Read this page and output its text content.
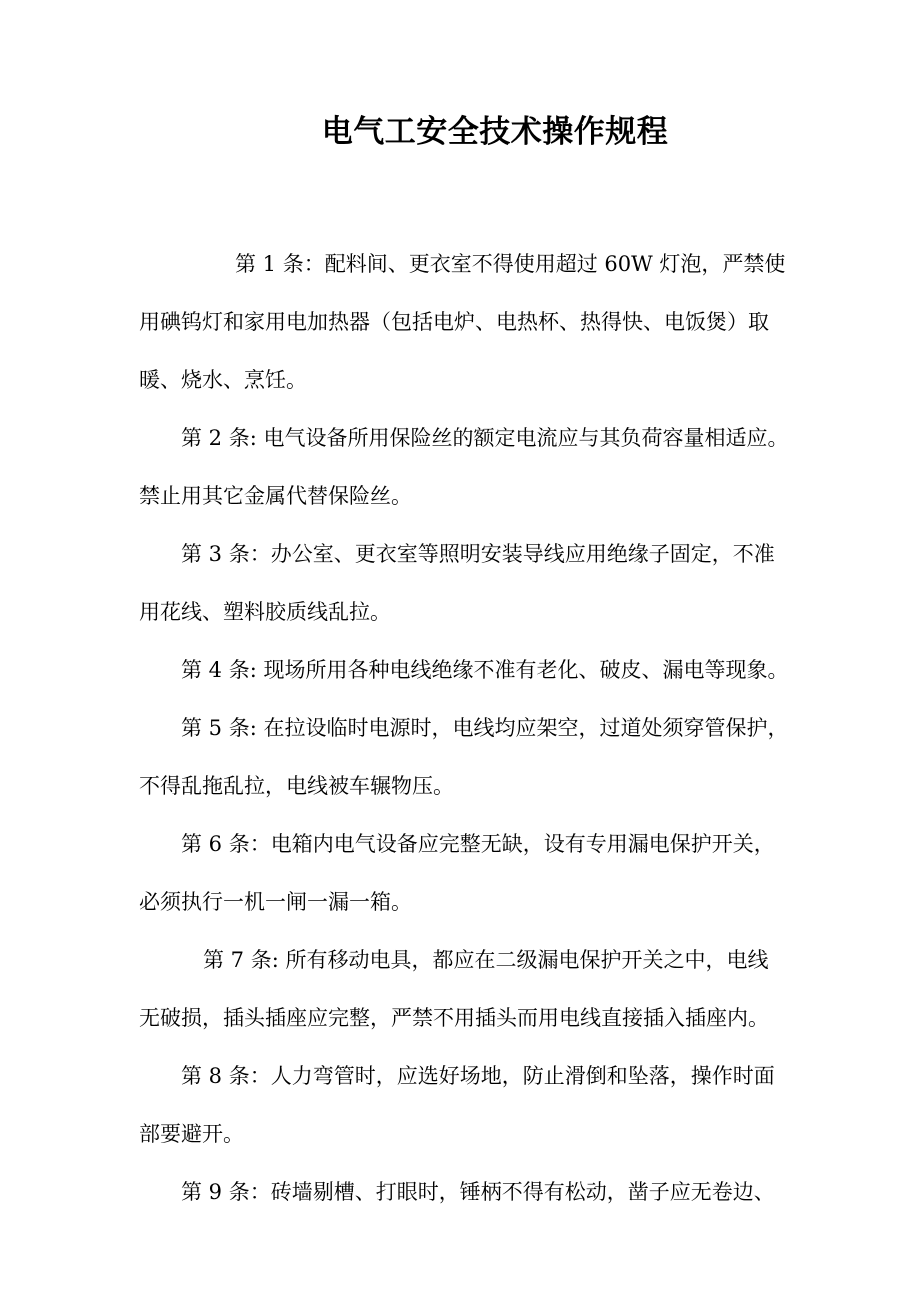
电气工安全技术操作规程
第 1 条：配料间、更衣室不得使用超过 60W 灯泡，严禁使
用碘钨灯和家用电加热器（包括电炉、电热杯、热得快、电饭煲）取
暖、烧水、烹饪。
第 2 条: 电气设备所用保险丝的额定电流应与其负荷容量相适应。
禁止用其它金属代替保险丝。
第 3 条：办公室、更衣室等照明安装导线应用绝缘子固定，不准
用花线、塑料胶质线乱拉。
第 4 条: 现场所用各种电线绝缘不准有老化、破皮、漏电等现象。
第 5 条: 在拉设临时电源时，电线均应架空，过道处须穿管保护，
不得乱拖乱拉，电线被车辗物压。
第 6 条：电箱内电气设备应完整无缺，设有专用漏电保护开关，
必须执行一机一闸一漏一箱。
第 7 条: 所有移动电具，都应在二级漏电保护开关之中，电线
无破损，插头插座应完整，严禁不用插头而用电线直接插入插座内。
第 8 条：人力弯管时，应选好场地，防止滑倒和坠落，操作时面
部要避开。
第 9 条：砖墙剔槽、打眼时，锤柄不得有松动，凿子应无卷边、
